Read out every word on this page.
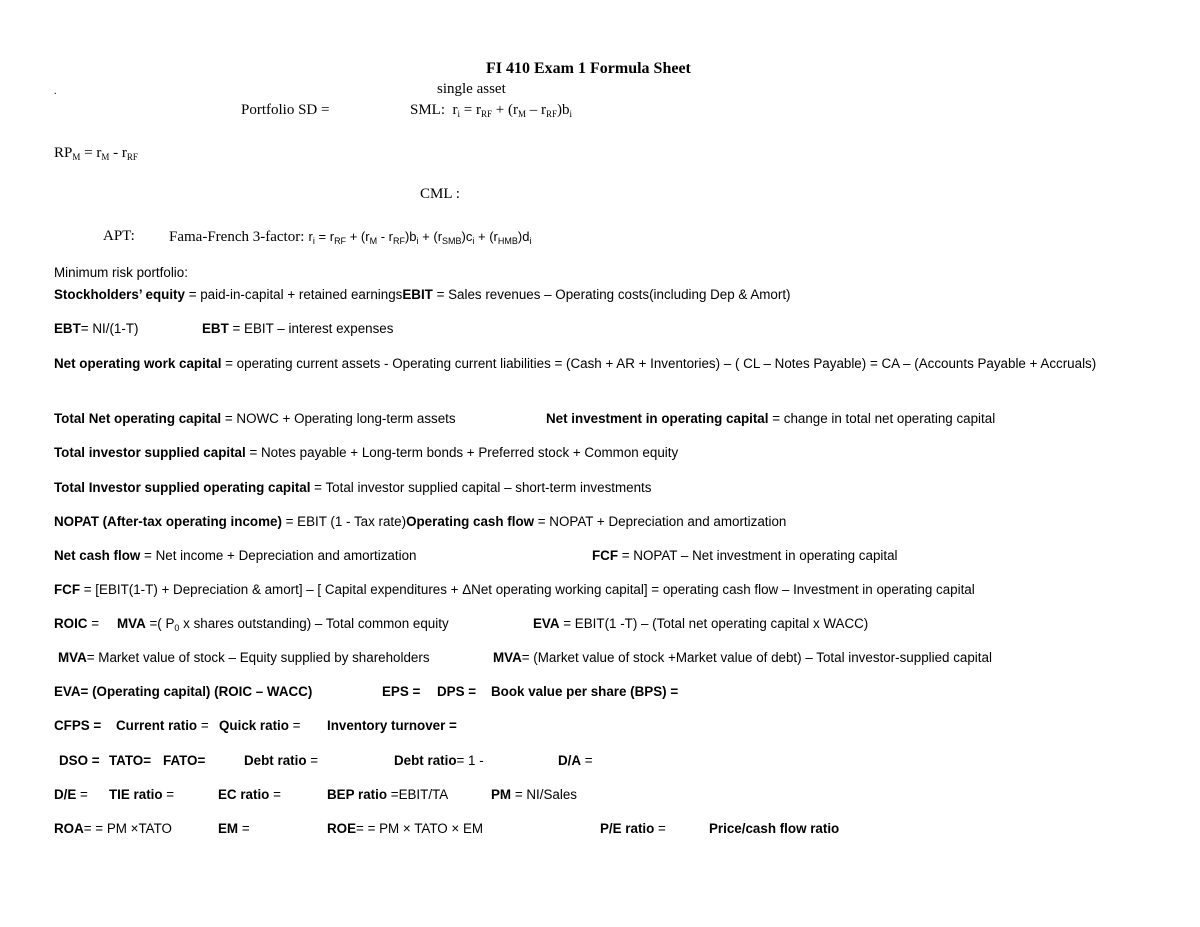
FI 410 Exam 1 Formula Sheet
.	single asset
Portfolio SD =	SML: $r_i = r_{RF} + (r_M - r_{RF})b_i$
$RP_M = r_M - r_{RF}$
CML :
APT: Fama-French 3-factor: $r_i = r_{RF} + (r_M - r_{RF})b_i + (r_{SMB})c_i + (r_{HMB})d_i$
Minimum risk portfolio:
Stockholders’ equity = paid-in-capital + retained earningsEBIT = Sales revenues – Operating costs(including Dep & Amort)
EBT= NI/(1-T)	EBT = EBIT – interest expenses
Net operating work capital = operating current assets - Operating current liabilities = (Cash + AR + Inventories) – ( CL – Notes Payable) = CA – (Accounts Payable + Accruals)
Total Net operating capital = NOWC + Operating long-term assets	Net investment in operating capital = change in total net operating capital
Total investor supplied capital = Notes payable + Long-term bonds + Preferred stock + Common equity
Total Investor supplied operating capital = Total investor supplied capital – short-term investments
NOPAT (After-tax operating income) = EBIT (1 - Tax rate)Operating cash flow = NOPAT + Depreciation and amortization
Net cash flow = Net income + Depreciation and amortization	FCF = NOPAT – Net investment in operating capital
FCF = [EBIT(1-T) + Depreciation & amort] – [ Capital expenditures + ΔNet operating working capital] = operating cash flow – Investment in operating capital
ROIC = MVA =( $P_0$ x shares outstanding) – Total common equity	EVA = EBIT(1 -T) – (Total net operating capital x WACC)
MVA= Market value of stock – Equity supplied by shareholders	MVA= (Market value of stock +Market value of debt) – Total investor-supplied capital
EVA= (Operating capital) (ROIC – WACC)	EPS = DPS = Book value per share (BPS) =
CFPS = Current ratio = Quick ratio = Inventory turnover =
DSO = TATO= FATO=	Debt ratio =	Debt ratio= 1 -	D/A =
D/E = TIE ratio =	EC ratio =	BEP ratio =EBIT/TA	PM = NI/Sales
ROA= = PM ×TATO	EM =	ROE= = PM × TATO × EM	P/E ratio =	Price/cash flow ratio
